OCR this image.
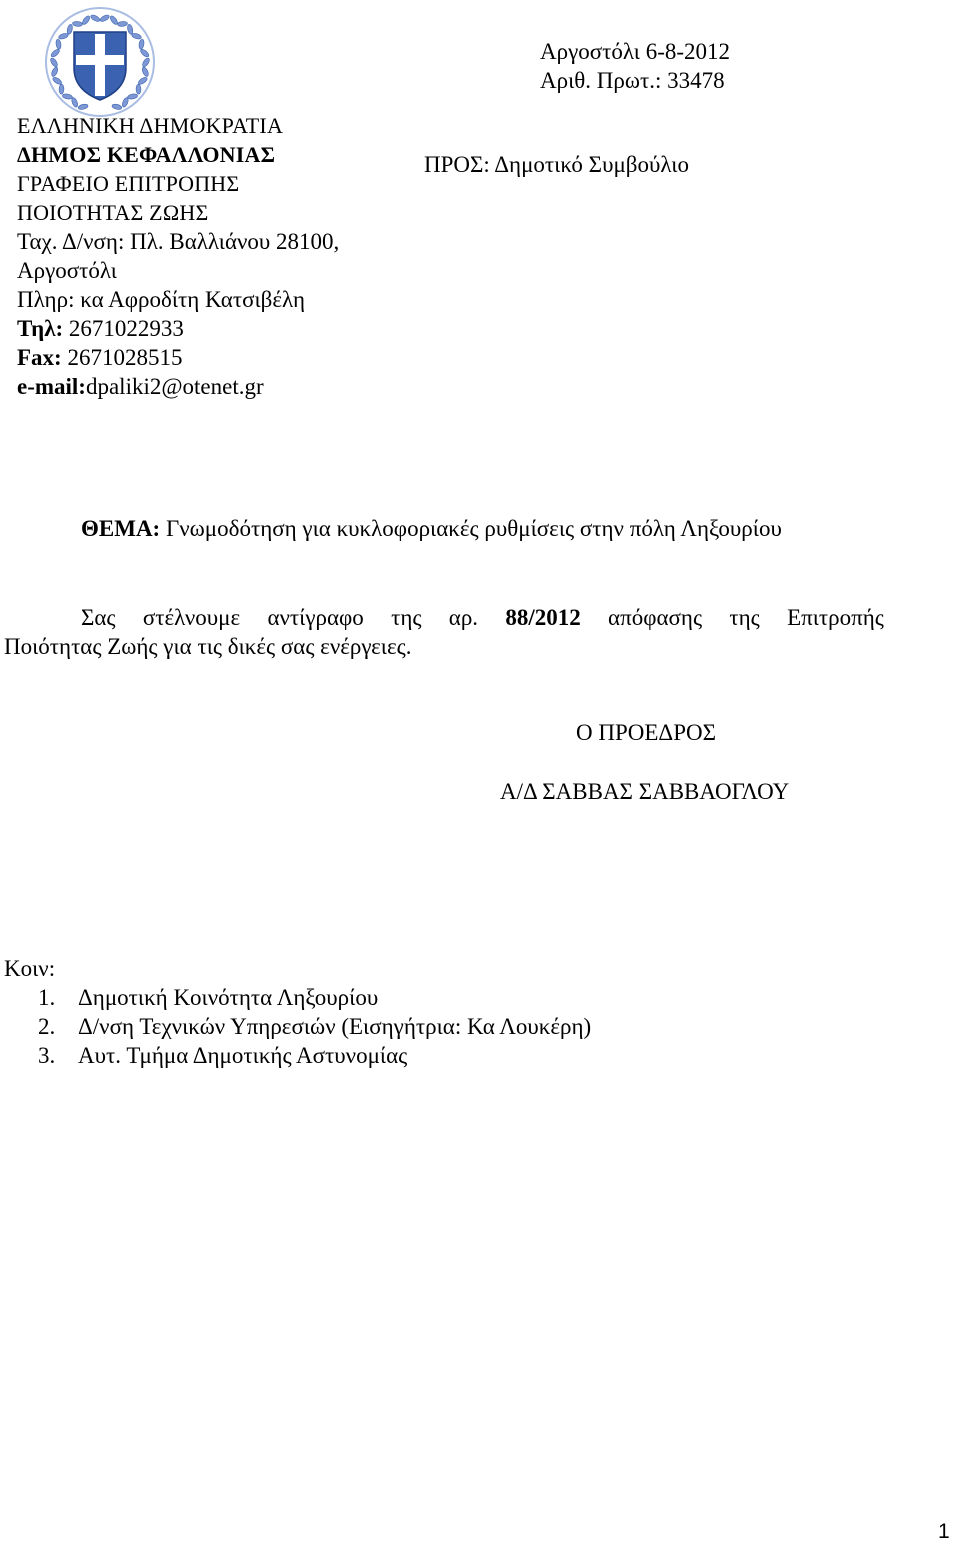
ΕΛΛΗΝΙΚΗ ΔΗΜΟΚΡΑΤΙΑ
ΔΗΜΟΣ ΚΕΦΑΛΛΟΝΙΑΣ
ΓΡΑΦΕΙΟ ΕΠΙΤΡΟΠΗΣ
ΠΟΙΟΤΗΤΑΣ ΖΩΗΣ
Ταχ. Δ/νση: Πλ. Βαλλιάνου 28100,
Αργοστόλι
Πληρ: κα Αφροδίτη Κατσιβέλη
Τηλ: 2671022933
Fax: 2671028515
e-mail:dpaliki2@otenet.gr
Αργοστόλι 6-8-2012
Αριθ. Πρωτ.: 33478
ΠΡΟΣ: Δημοτικό Συμβούλιο
ΘΕΜΑ: Γνωμοδότηση για κυκλοφοριακές ρυθμίσεις στην πόλη Ληξουρίου
Σας στέλνουμε αντίγραφο της αρ. 88/2012 απόφασης της Επιτροπής
Ποιότητας Ζωής για τις δικές σας ενέργειες.
Ο ΠΡΟΕΔΡΟΣ
Α/Δ ΣΑΒΒΑΣ ΣΑΒΒΑΟΓΛΟΥ
Κοιν:
1. Δημοτική Κοινότητα Ληξουρίου
2. Δ/νση Τεχνικών Υπηρεσιών (Εισηγήτρια: Κα Λουκέρη)
3. Αυτ. Τμήμα Δημοτικής Αστυνομίας
1
